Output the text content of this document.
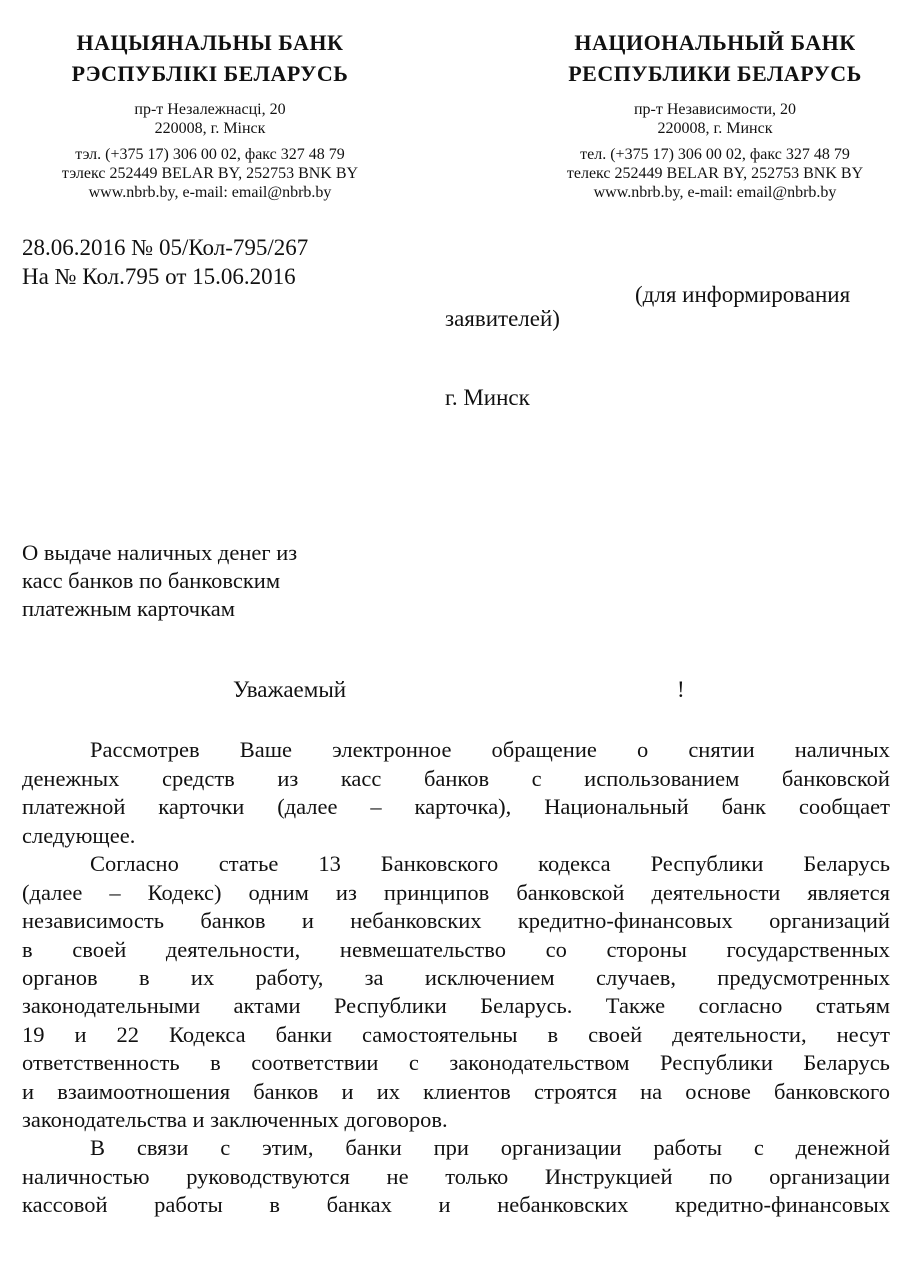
НАЦЫЯНАЛЬНЫ БАНК
РЭСПУБЛІКІ БЕЛАРУСЬ
пр-т Незалежнасці, 20
220008, г. Мінск
тэл. (+375 17) 306 00 02, факс 327 48 79
тэлекс 252449 BELAR BY, 252753 BNK BY
www.nbrb.by, e-mail: email@nbrb.by
НАЦИОНАЛЬНЫЙ БАНК
РЕСПУБЛИКИ БЕЛАРУСЬ
пр-т Независимости, 20
220008, г. Минск
тел. (+375 17) 306 00 02, факс 327 48 79
телекс 252449 BELAR BY, 252753 BNK BY
www.nbrb.by, e-mail: email@nbrb.by
28.06.2016 № 05/Кол-795/267
На № Кол.795 от 15.06.2016
(для информирования
заявителей)
г. Минск
О выдаче наличных денег из
касс банков по банковским
платежным карточкам
Уважаемый	!
Рассмотрев Ваше электронное обращение о снятии наличных
денежных средств из касс банков с использованием банковской
платежной карточки (далее – карточка), Национальный банк сообщает
следующее.
Согласно статье 13 Банковского кодекса Республики Беларусь
(далее – Кодекс) одним из принципов банковской деятельности является
независимость банков и небанковских кредитно-финансовых организаций
в своей деятельности, невмешательство со стороны государственных
органов в их работу, за исключением случаев, предусмотренных
законодательными актами Республики Беларусь. Также согласно статьям
19 и 22 Кодекса банки самостоятельны в своей деятельности, несут
ответственность в соответствии с законодательством Республики Беларусь
и взаимоотношения банков и их клиентов строятся на основе банковского
законодательства и заключенных договоров.
В связи с этим, банки при организации работы с денежной
наличностью руководствуются не только Инструкцией по организации
кассовой работы в банках и небанковских кредитно-финансовых
